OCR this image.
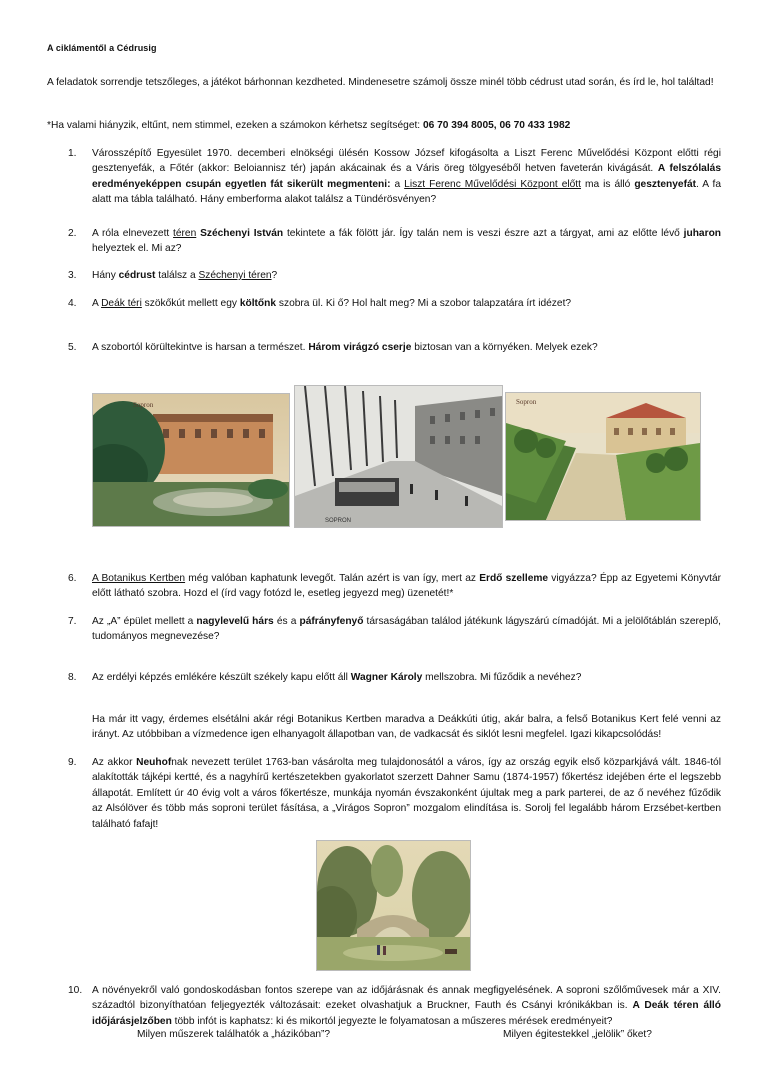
A ciklámentől a Cédrusig
A feladatok sorrendje tetszőleges, a játékot bárhonnan kezdheted. Mindenesetre számolj össze minél több cédrust utad során, és írd le, hol találtad!
*Ha valami hiányzik, eltűnt, nem stimmel, ezeken a számokon kérhetsz segítséget: 06 70 394 8005, 06 70 433 1982
1.	Városszépítő Egyesület 1970. decemberi elnökségi ülésén Kossow József kifogásolta a Liszt Ferenc Művelődési Központ előtti régi gesztenyefák, a Főtér (akkor: Beloiannisz tér) japán akácainak és a Váris öreg tölgyeséből hetven faveterán kivágását. A felszólalás eredményeképpen csupán egyetlen fát sikerült megmenteni: a Liszt Ferenc Művelődési Központ előtt ma is álló gesztenyefát. A fa alatt ma tábla található. Hány emberforma alakot találsz a Tündérösvényen?
2.	A róla elnevezett téren Széchenyi István tekintete a fák fölött jár. Így talán nem is veszi észre azt a tárgyat, ami az előtte lévő juharon helyeztek el. Mi az?
3.	Hány cédrust találsz a Széchenyi téren?
4.	A Deák téri szökőkút mellett egy költőnk szobra ül. Ki ő? Hol halt meg? Mi a szobor talapzatára írt idézet?
5.	A szobortól körültekintve is harsan a természet. Három virágzó cserje biztosan van a környéken. Melyek ezek?
Sopron
SOPRON
Sopron
6.	A Botanikus Kertben még valóban kaphatunk levegőt. Talán azért is van így, mert az Erdő szelleme vigyázza? Épp az Egyetemi Könyvtár előtt látható szobra. Hozd el (írd vagy fotózd le, esetleg jegyezd meg) üzenetét!*
7.	Az „A” épület mellett a nagylevelű hárs és a páfrányfenyő társaságában találod játékunk lágyszárú címadóját. Mi a jelölőtáblán szereplő, tudományos megnevezése?
8.	Az erdélyi képzés emlékére készült székely kapu előtt áll Wagner Károly mellszobra. Mi fűződik a nevéhez?
Ha már itt vagy, érdemes elsétálni akár régi Botanikus Kertben maradva a Deákkúti útig, akár balra, a felső Botanikus Kert felé venni az irányt. Az utóbbiban a vízmedence igen elhanyagolt állapotban van, de vadkacsát és siklót lesni megfelel. Igazi kikapcsolódás!
9.	Az akkor Neuhofnak nevezett terület 1763-ban vásárolta meg tulajdonosától a város, így az ország egyik első közparkjává vált. 1846-tól alakították tájképi kertté, és a nagyhírű kertészetekben gyakorlatot szerzett Dahner Samu (1874-1957) főkertész idejében érte el legszebb állapotát. Említett úr 40 évig volt a város főkertésze, munkája nyomán évszakonként újultak meg a park parterei, de az ő nevéhez fűződik az Alsólöver és több más soproni terület fásítása, a „Virágos Sopron” mozgalom elindítása is. Sorolj fel legalább három Erzsébet-kertben található fafajt!
10. A növényekről való gondoskodásban fontos szerepe van az időjárásnak és annak megfigyelésének. A soproni szőlőművesek már a XIV. századtól bizonyíthatóan feljegyezték változásait: ezeket olvashatjuk a Bruckner, Fauth és Csányi krónikákban is. A Deák téren álló időjárásjelzőben több infót is kaphatsz: ki és mikortól jegyezte le folyamatosan a műszeres mérések eredményeit?
Milyen műszerek találhatók a „házikóban”?	Milyen égitestekkel „jelölik” őket?
